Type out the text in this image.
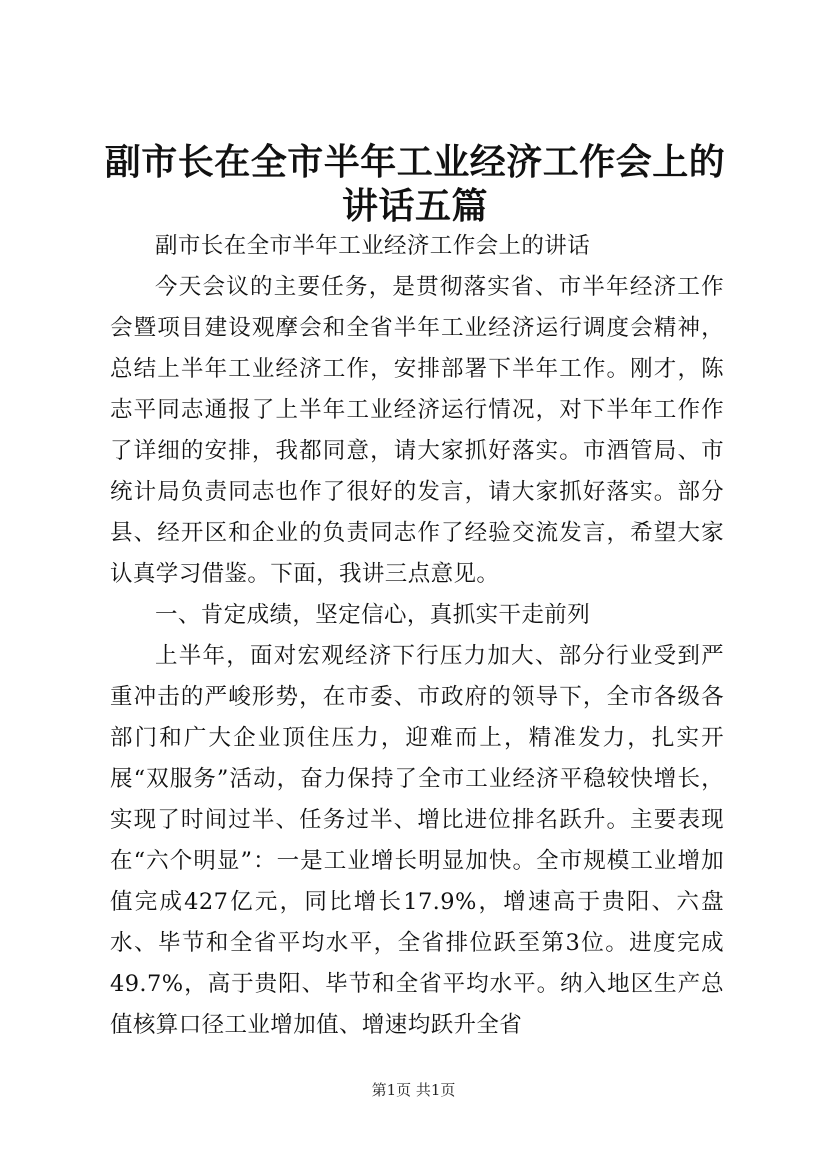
副市长在全市半年工业经济工作会上的讲话五篇

副市长在全市半年工业经济工作会上的讲话

今天会议的主要任务，是贯彻落实省、市半年经济工作会暨项目建设观摩会和全省半年工业经济运行调度会精神，总结上半年工业经济工作，安排部署下半年工作。刚才，陈志平同志通报了上半年工业经济运行情况，对下半年工作作了详细的安排，我都同意，请大家抓好落实。市酒管局、市统计局负责同志也作了很好的发言，请大家抓好落实。部分县、经开区和企业的负责同志作了经验交流发言，希望大家认真学习借鉴。下面，我讲三点意见。

一、肯定成绩，坚定信心，真抓实干走前列

上半年，面对宏观经济下行压力加大、部分行业受到严重冲击的严峻形势，在市委、市政府的领导下，全市各级各部门和广大企业顶住压力，迎难而上，精准发力，扎实开展“双服务”活动，奋力保持了全市工业经济平稳较快增长，实现了时间过半、任务过半、增比进位排名跃升。主要表现在“六个明显”：一是工业增长明显加快。全市规模工业增加值完成427亿元，同比增长17.9%，增速高于贵阳、六盘水、毕节和全省平均水平，全省排位跃至第3位。进度完成49.7%，高于贵阳、毕节和全省平均水平。纳入地区生产总值核算口径工业增加值、增速均跃升全省

第1页 共1页
